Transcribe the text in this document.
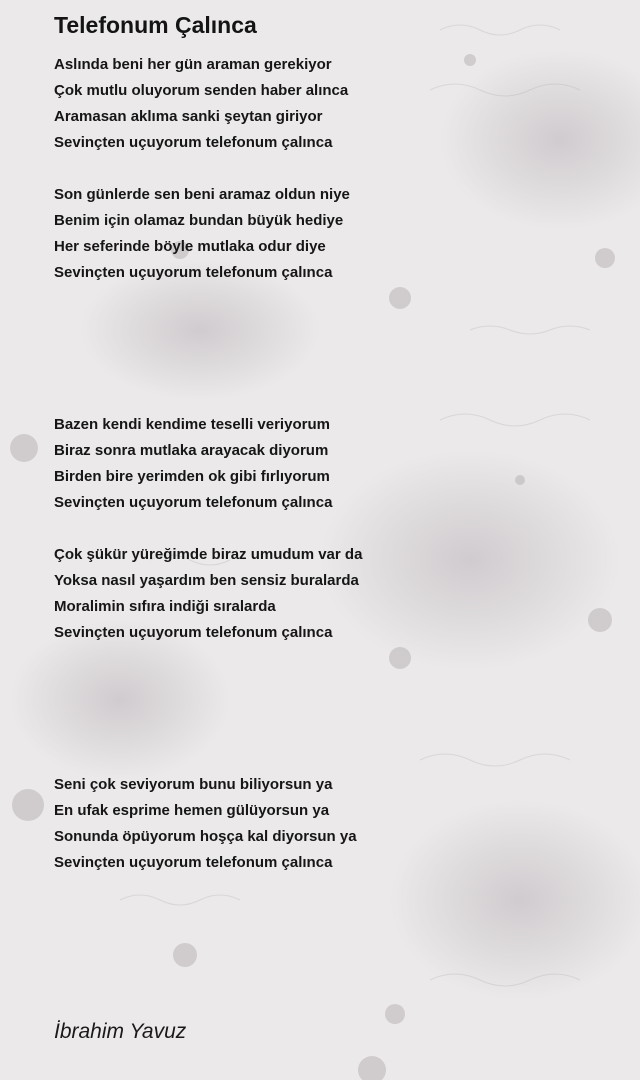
Telefonum Çalınca
Aslında beni her gün araman gerekiyor
Çok mutlu oluyorum senden haber alınca
Aramasan aklıma sanki şeytan giriyor
Sevinçten uçuyorum telefonum çalınca
Son günlerde sen beni aramaz oldun niye
Benim için olamaz bundan büyük hediye
Her seferinde böyle mutlaka odur diye
Sevinçten uçuyorum telefonum çalınca
Bazen kendi kendime teselli veriyorum
Biraz sonra mutlaka arayacak diyorum
Birden bire yerimden ok gibi fırlıyorum
Sevinçten uçuyorum telefonum çalınca
Çok şükür yüreğimde biraz umudum var da
Yoksa nasıl yaşardım ben sensiz buralarda
Moralimin sıfıra indiği sıralarda
Sevinçten uçuyorum telefonum çalınca
Seni çok seviyorum bunu biliyorsun ya
En ufak esprime hemen gülüyorsun ya
Sonunda öpüyorum hoşça kal diyorsun ya
Sevinçten uçuyorum telefonum çalınca
İbrahim Yavuz
